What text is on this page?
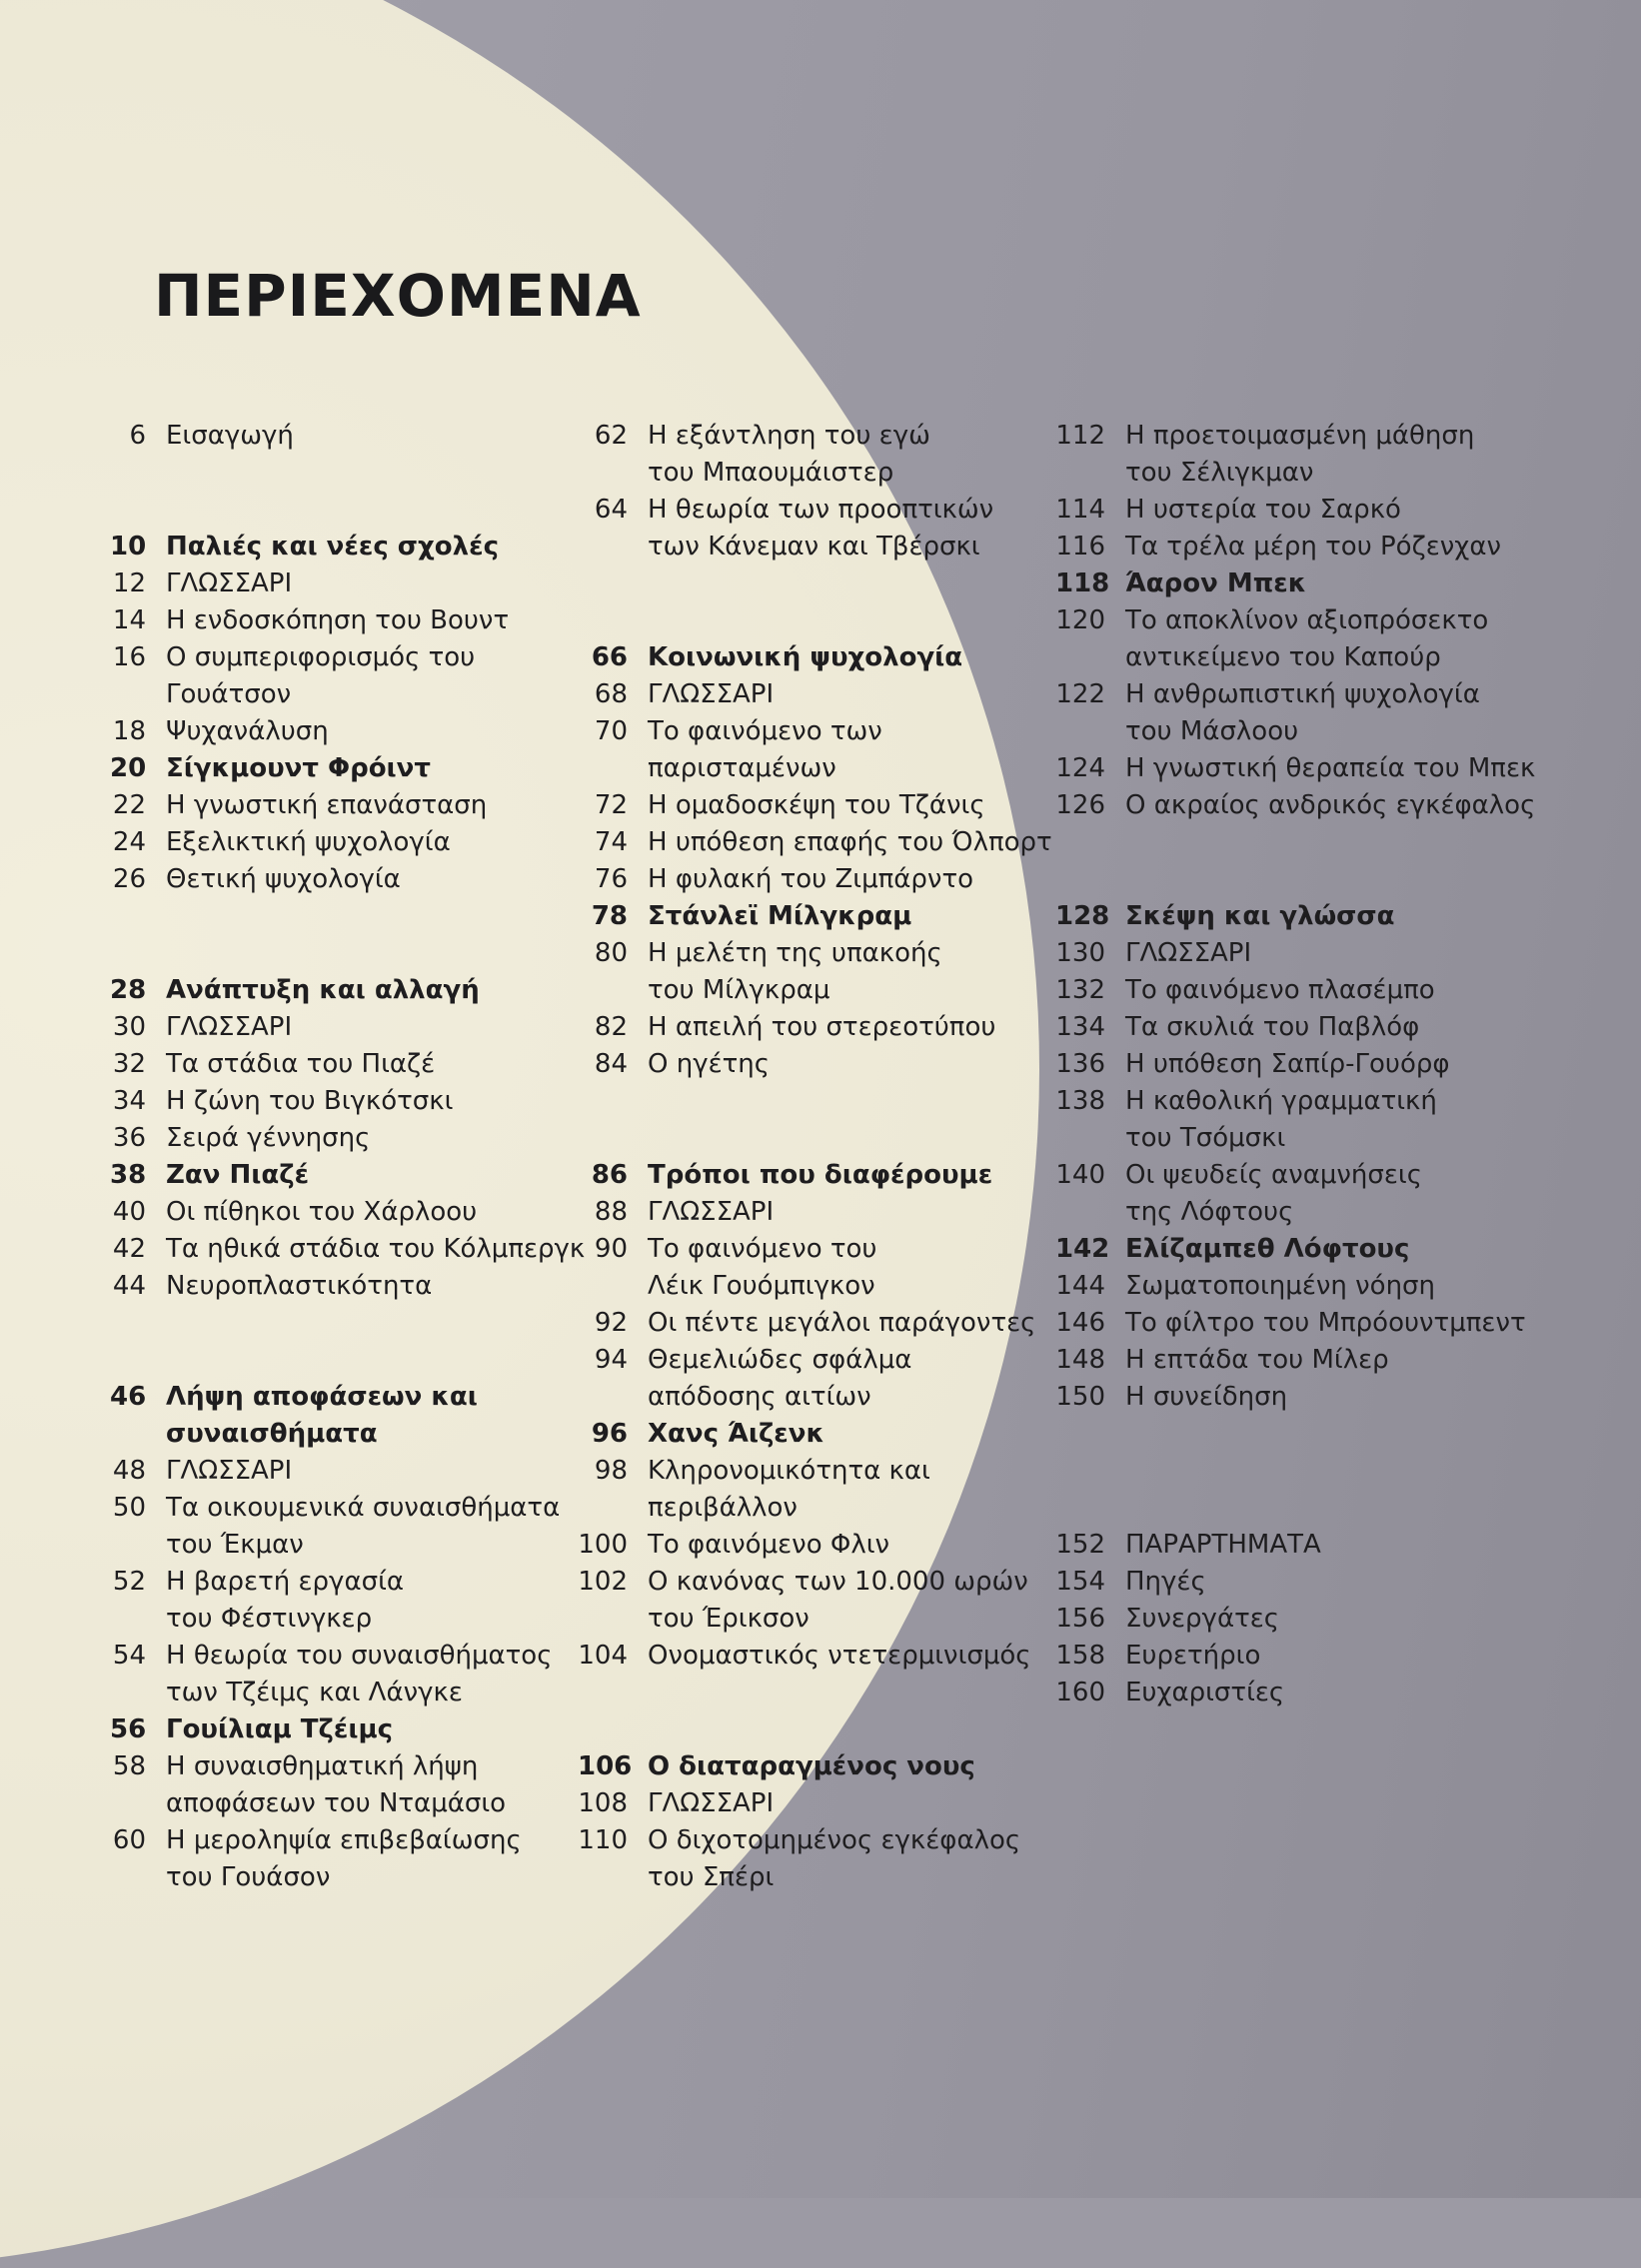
ΠΕΡΙΕΧΟΜΕΝΑ
6 Εισαγωγή
10 Παλιές και νέες σχολές
12 ΓΛΩΣΣΑΡΙ
14 Η ενδοσκόπηση του Βουντ
16 Ο συμπεριφορισμός του
Γουάτσον
18 Ψυχανάλυση
20 Σίγκμουντ Φρόιντ
22 Η γνωστική επανάσταση
24 Εξελικτική ψυχολογία
26 Θετική ψυχολογία
28 Ανάπτυξη και αλλαγή
30 ΓΛΩΣΣΑΡΙ
32 Τα στάδια του Πιαζέ
34 Η ζώνη του Βιγκότσκι
36 Σειρά γέννησης
38 Ζαν Πιαζέ
40 Οι πίθηκοι του Χάρλοου
42 Τα ηθικά στάδια του Κόλμπεργκ
44 Νευροπλαστικότητα
46 Λήψη αποφάσεων και
συναισθήματα
48 ΓΛΩΣΣΑΡΙ
50 Τα οικουμενικά συναισθήματα
του Έκμαν
52 Η βαρετή εργασία
του Φέστινγκερ
54 Η θεωρία του συναισθήματος
των Τζέιμς και Λάνγκε
56 Γουίλιαμ Τζέιμς
58 Η συναισθηματική λήψη
αποφάσεων του Νταμάσιο
60 Η μεροληψία επιβεβαίωσης
του Γουάσον
62 Η εξάντληση του εγώ
του Μπαουμάιστερ
64 Η θεωρία των προοπτικών
των Κάνεμαν και Τβέρσκι
66 Κοινωνική ψυχολογία
68 ΓΛΩΣΣΑΡΙ
70 Το φαινόμενο των
παρισταμένων
72 Η ομαδοσκέψη του Τζάνις
74 Η υπόθεση επαφής του Όλπορτ
76 Η φυλακή του Ζιμπάρντο
78 Στάνλεϊ Μίλγκραμ
80 Η μελέτη της υπακοής
του Μίλγκραμ
82 Η απειλή του στερεοτύπου
84 Ο ηγέτης
86 Τρόποι που διαφέρουμε
88 ΓΛΩΣΣΑΡΙ
90 Το φαινόμενο του
Λέικ Γουόμπιγκον
92 Οι πέντε μεγάλοι παράγοντες
94 Θεμελιώδες σφάλμα
απόδοσης αιτίων
96 Χανς Άιζενκ
98 Κληρονομικότητα και
περιβάλλον
100 Το φαινόμενο Φλιν
102 Ο κανόνας των 10.000 ωρών
του Έρικσον
104 Ονομαστικός ντετερμινισμός
106 Ο διαταραγμένος νους
108 ΓΛΩΣΣΑΡΙ
110 Ο διχοτομημένος εγκέφαλος
του Σπέρι
112 Η προετοιμασμένη μάθηση
του Σέλιγκμαν
114 Η υστερία του Σαρκό
116 Τα τρέλα μέρη του Ρόζενχαν
118 Άαρον Μπεκ
120 Το αποκλίνον αξιοπρόσεκτο
αντικείμενο του Καπούρ
122 Η ανθρωπιστική ψυχολογία
του Μάσλοου
124 Η γνωστική θεραπεία του Μπεκ
126 Ο ακραίος ανδρικός εγκέφαλος
128 Σκέψη και γλώσσα
130 ΓΛΩΣΣΑΡΙ
132 Το φαινόμενο πλασέμπο
134 Τα σκυλιά του Παβλόφ
136 Η υπόθεση Σαπίρ-Γουόρφ
138 Η καθολική γραμματική
του Τσόμσκι
140 Οι ψευδείς αναμνήσεις
της Λόφτους
142 Ελίζαμπεθ Λόφτους
144 Σωματοποιημένη νόηση
146 Το φίλτρο του Μπρόουντμπεντ
148 Η επτάδα του Μίλερ
150 Η συνείδηση
152 ΠΑΡΑΡΤΗΜΑΤΑ
154 Πηγές
156 Συνεργάτες
158 Ευρετήριο
160 Ευχαριστίες
